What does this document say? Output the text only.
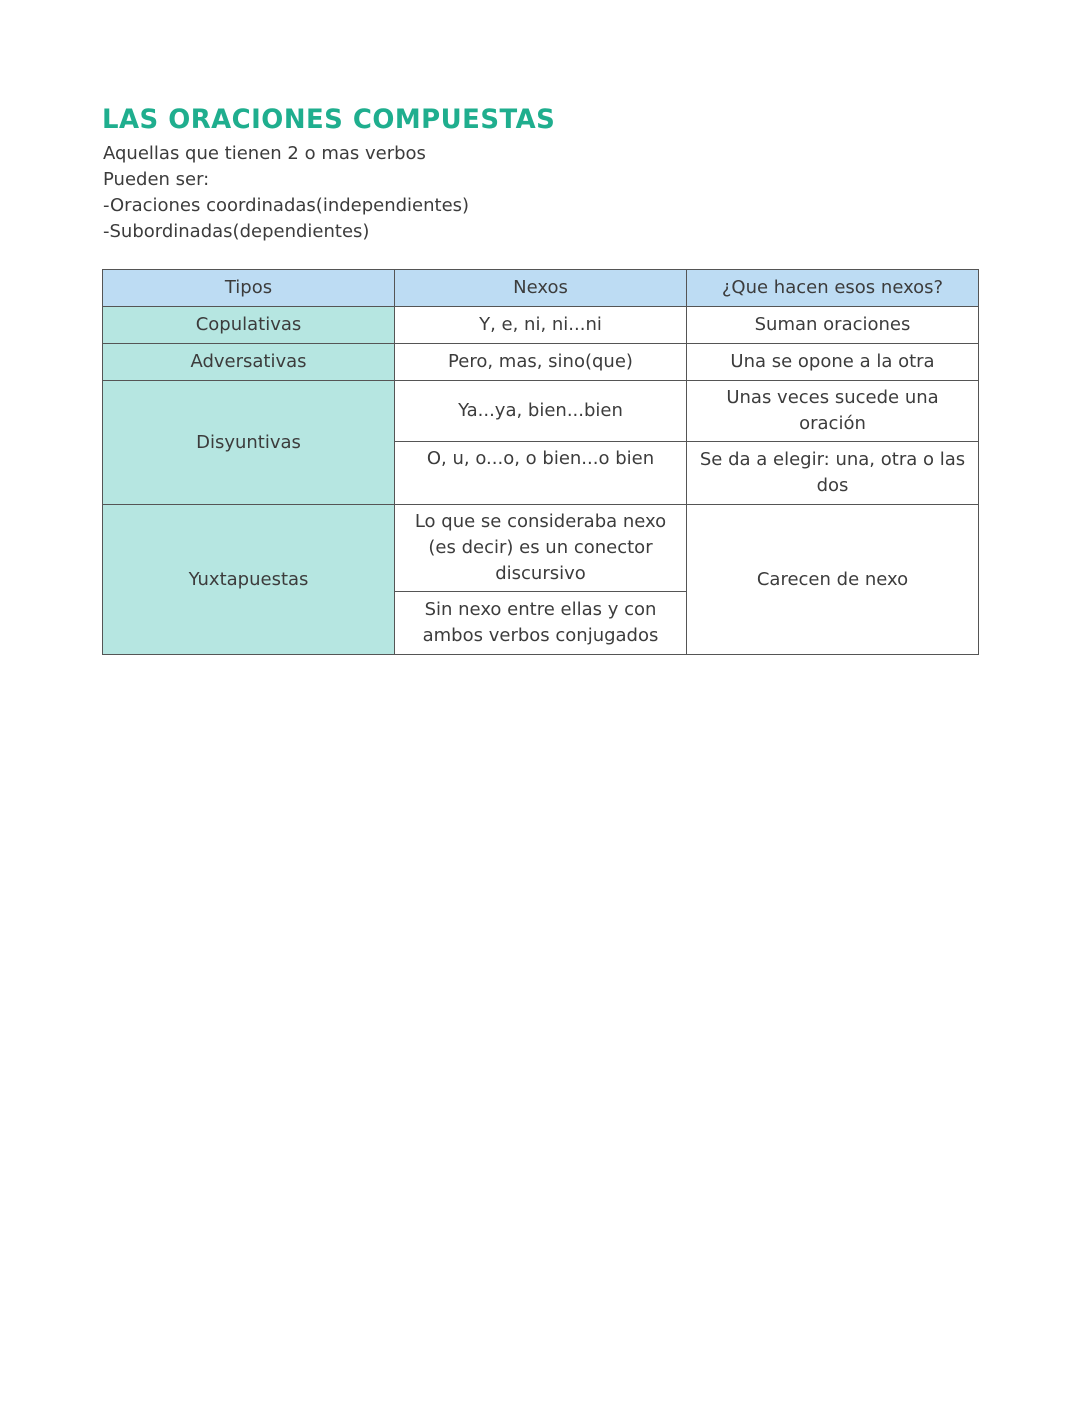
LAS ORACIONES COMPUESTAS
Aquellas que tienen 2 o mas verbos
Pueden ser:
-Oraciones coordinadas(independientes)
-Subordinadas(dependientes)
Tipos	Nexos	¿Que hacen esos nexos?
Copulativas	Y, e, ni, ni...ni	Suman oraciones
Adversativas	Pero, mas, sino(que)	Una se opone a la otra
Disyuntivas	Ya...ya, bien...bien	Unas veces sucede una oración
	O, u, o...o, o bien...o bien	Se da a elegir: una, otra o las dos
Yuxtapuestas	Lo que se consideraba nexo (es decir) es un conector discursivo	Carecen de nexo
	Sin nexo entre ellas y con ambos verbos conjugados	
